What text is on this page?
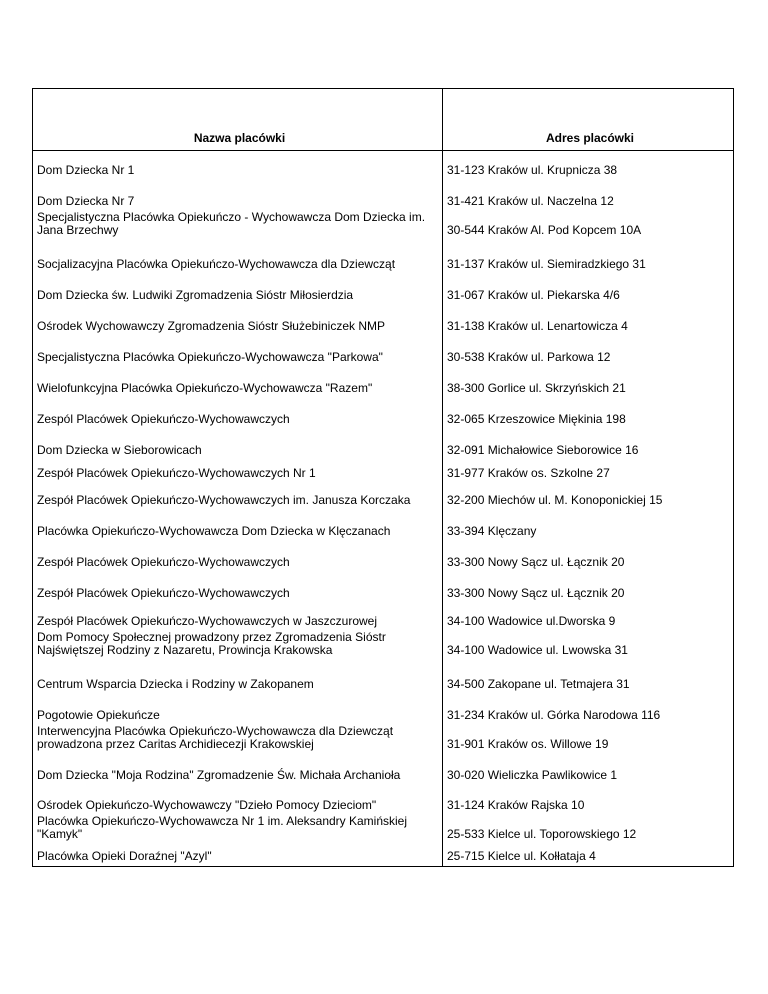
Nazwa placówki	Adres placówki

Dom Dziecka Nr 1	31-123 Kraków ul. Krupnicza 38

Dom Dziecka Nr 7	31-421 Kraków ul. Naczelna 12

Specjalistyczna Placówka Opiekuńczo - Wychowawcza Dom Dziecka im. Jana Brzechwy	30-544 Kraków Al. Pod Kopcem 10A

Socjalizacyjna Placówka Opiekuńczo-Wychowawcza dla Dziewcząt	31-137 Kraków ul. Siemiradzkiego 31

Dom Dziecka św. Ludwiki Zgromadzenia Sióstr Miłosierdzia	31-067 Kraków ul. Piekarska 4/6

Ośrodek Wychowawczy Zgromadzenia Sióstr Służebiniczek NMP	31-138 Kraków ul. Lenartowicza 4

Specjalistyczna Placówka Opiekuńczo-Wychowawcza "Parkowa"	30-538 Kraków ul. Parkowa 12

Wielofunkcyjna Placówka Opiekuńczo-Wychowawcza "Razem"	38-300 Gorlice ul. Skrzyńskich 21

Zespól Placówek Opiekuńczo-Wychowawczych	32-065 Krzeszowice Miękinia 198

Dom Dziecka w Sieborowicach	32-091 Michałowice Sieborowice 16

Zespół Placówek Opiekuńczo-Wychowawczych Nr 1	31-977 Kraków os. Szkolne 27

Zespół Placówek Opiekuńczo-Wychowawczych im. Janusza Korczaka	32-200 Miechów ul. M. Konoponickiej 15

Placówka Opiekuńczo-Wychowawcza Dom Dziecka w Klęczanach	33-394 Klęczany

Zespół Placówek Opiekuńczo-Wychowawczych	33-300 Nowy Sącz ul. Łącznik 20

Zespół Placówek Opiekuńczo-Wychowawczych	33-300 Nowy Sącz ul. Łącznik 20

Zespół Placówek Opiekuńczo-Wychowawczych w Jaszczurowej	34-100 Wadowice ul.Dworska 9

Dom Pomocy Społecznej prowadzony przez Zgromadzenia Sióstr Najświętszej Rodziny z Nazaretu, Prowincja Krakowska	34-100 Wadowice ul. Lwowska 31

Centrum Wsparcia Dziecka i Rodziny w Zakopanem	34-500 Zakopane ul. Tetmajera 31

Pogotowie Opiekuńcze	31-234 Kraków ul. Górka Narodowa 116

Interwencyjna Placówka Opiekuńczo-Wychowawcza dla Dziewcząt prowadzona przez Caritas Archidiecezji Krakowskiej	31-901 Kraków os. Willowe 19

Dom Dziecka "Moja Rodzina" Zgromadzenie Św. Michała Archanioła	30-020 Wieliczka Pawlikowice 1

Ośrodek Opiekuńczo-Wychowawczy "Dzieło Pomocy Dzieciom"	31-124 Kraków Rajska 10

Placówka Opiekuńczo-Wychowawcza Nr 1 im. Aleksandry Kamińskiej "Kamyk"	25-533 Kielce ul. Toporowskiego 12

Placówka Opieki Doraźnej "Azyl"	25-715 Kielce ul. Kołłataja 4
